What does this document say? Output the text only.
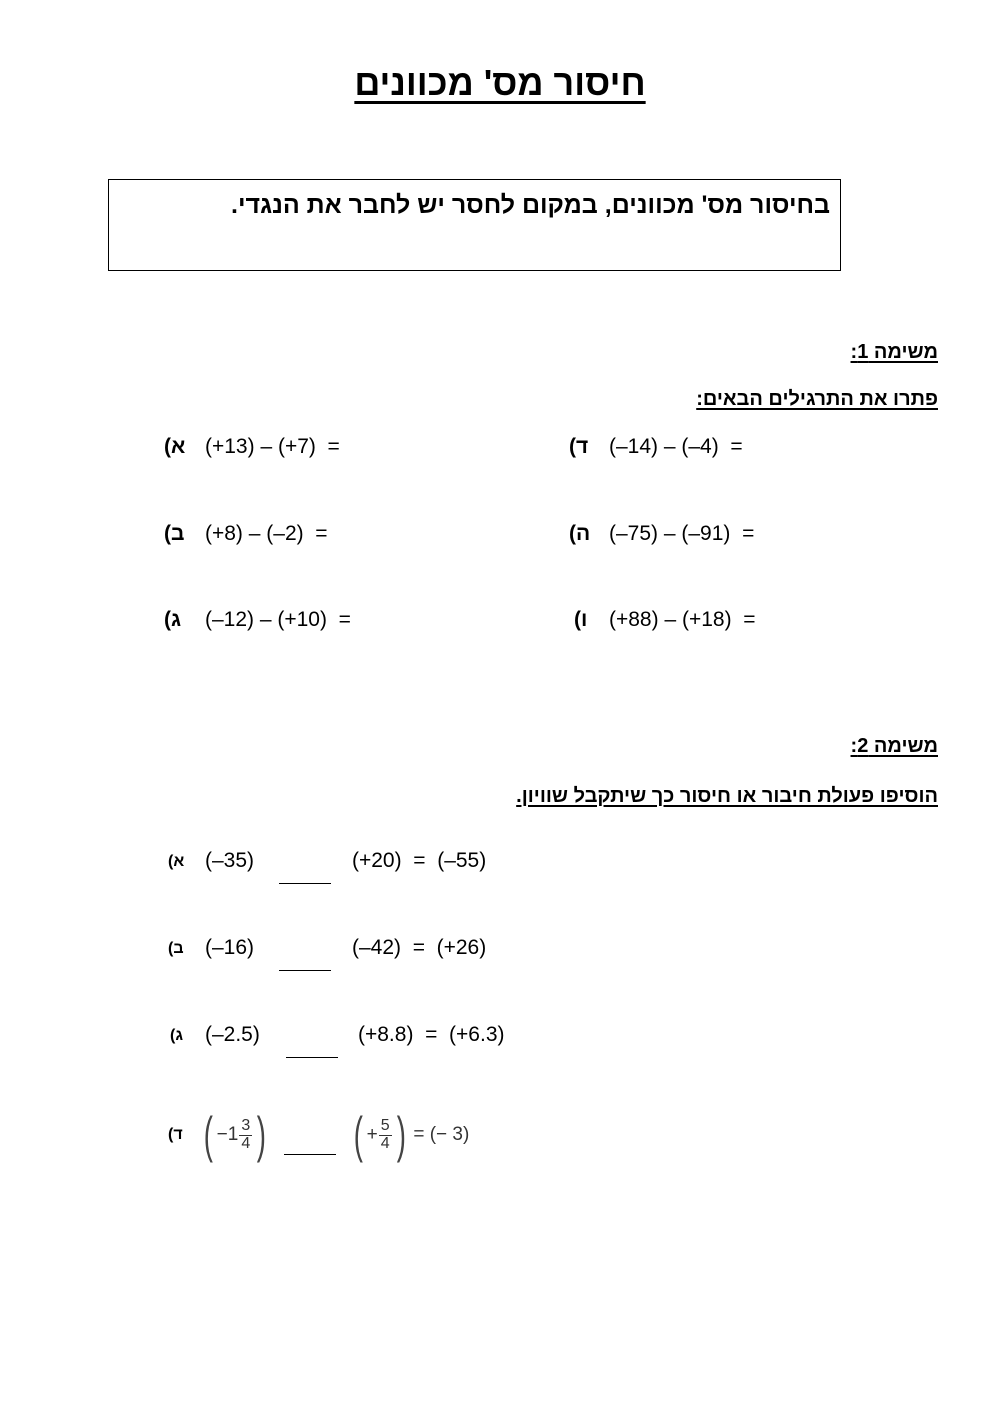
חיסור מס' מכוונים
בחיסור מס' מכוונים, במקום לחסר יש לחבר את הנגדי.
משימה 1:
פתרו את התרגילים הבאים:
א) (+13) – (+7)  =
ב) (+8) – (–2)  =
ג) (–12) – (+10)  =
ד) (–14) – (–4)  =
ה) (–75) – (–91)  =
ו) (+88) – (+18)  =
משימה 2:
הוסיפו פעולת חיבור או חיסור כך שיתקבל שוויון.
א) (–35)	(+20)  =  (–55)
ב) (–16)	(–42)  =  (+26)
ג) (–2.5)	(+8.8)  =  (+6.3)
ד) ( $-1 \frac{3}{4}$ ) ( + $\frac{5}{4}$ ) = (− 3)
